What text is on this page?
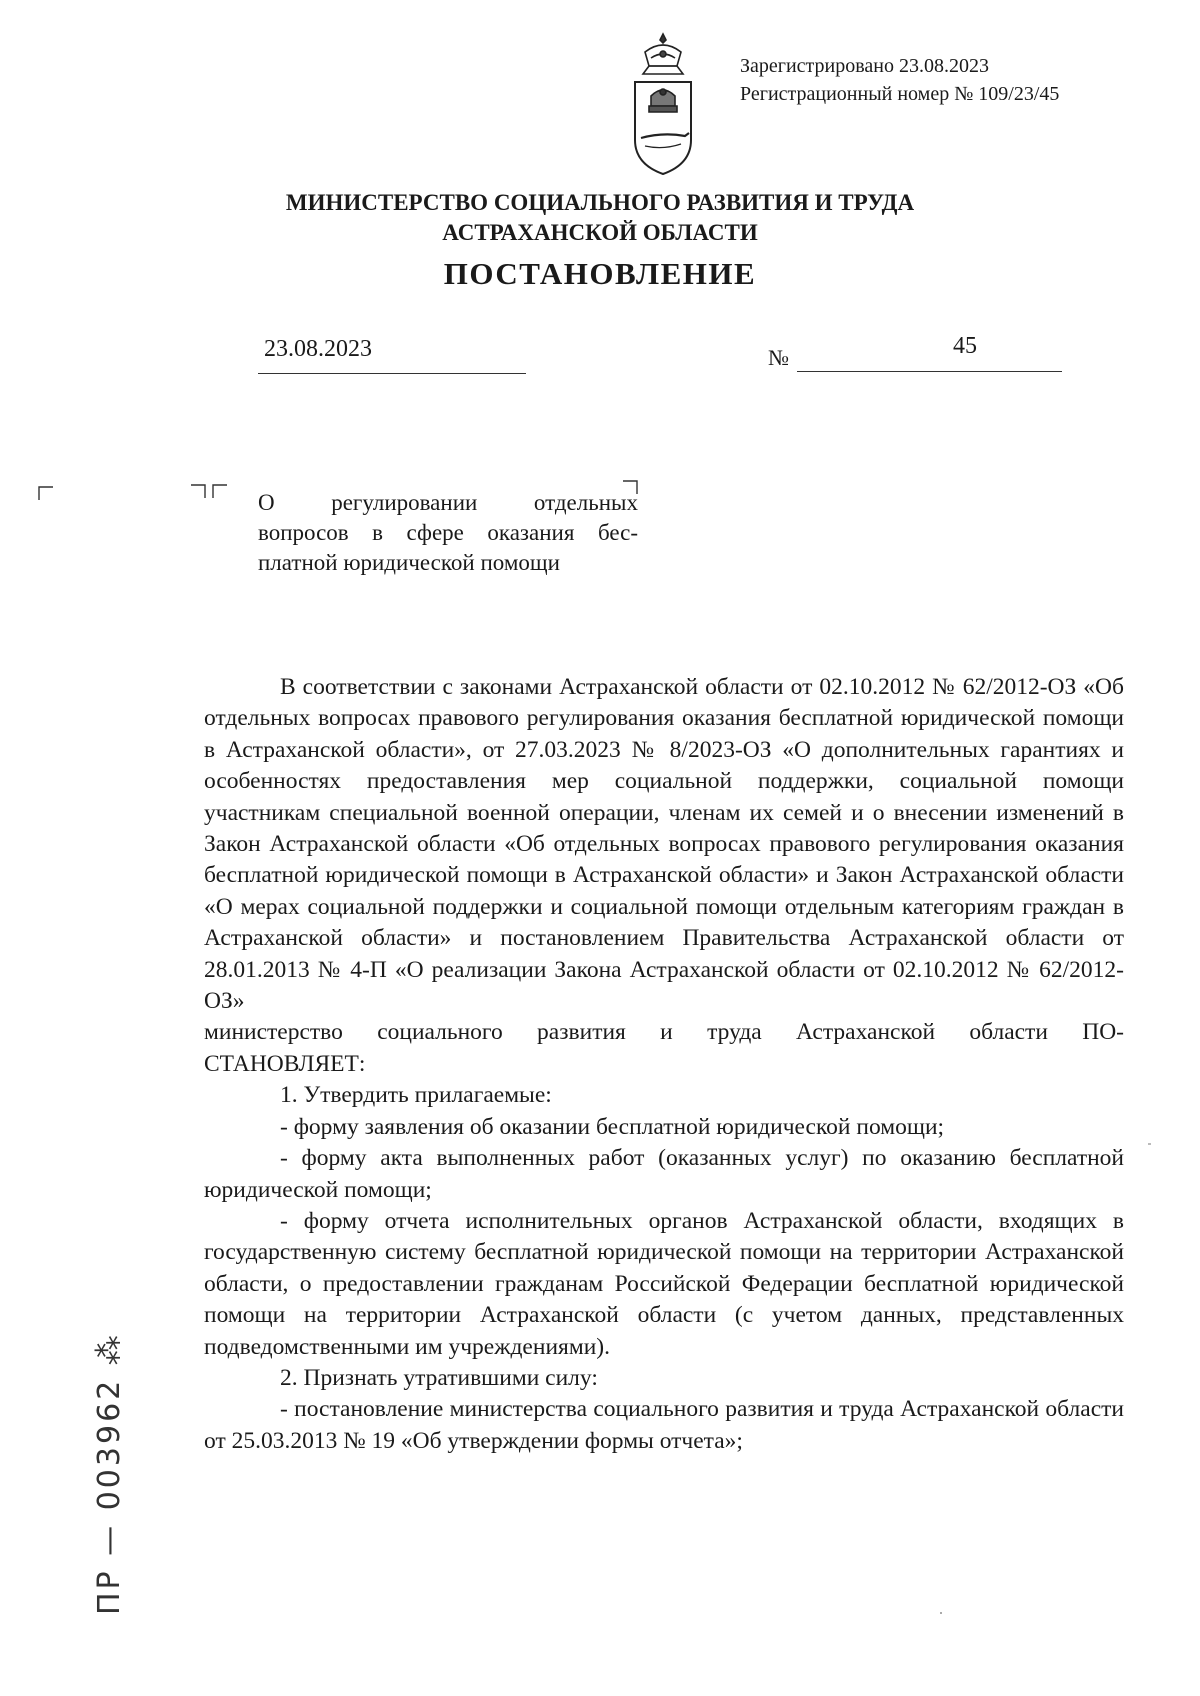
Зарегистрировано 23.08.2023
Регистрационный номер № 109/23/45
МИНИСТЕРСТВО СОЦИАЛЬНОГО РАЗВИТИЯ И ТРУДА
АСТРАХАНСКОЙ ОБЛАСТИ
ПОСТАНОВЛЕНИЕ
23.08.2023	№	45
О регулировании отдельных
вопросов в сфере оказания бес-
платной юридической помощи

В соответствии с законами Астраханской области от 02.10.2012 № 62/2012-ОЗ «Об отдельных вопросах правового регулирования оказания бесплатной юридической помощи в Астраханской области», от 27.03.2023 № 8/2023-ОЗ «О дополнительных гарантиях и особенностях предоставления мер социальной поддержки, социальной помощи участникам специальной военной операции, членам их семей и о внесении изменений в Закон Астраханской области «Об отдельных вопросах правового регулирования оказания бесплатной юридической помощи в Астраханской области» и Закон Астраханской области «О мерах социальной поддержки и социальной помощи отдельным категориям граждан в Астраханской области» и постановлением Правительства Астраханской области от 28.01.2013 № 4-П «О реализации Закона Астраханской области от 02.10.2012 № 62/2012-ОЗ»

министерство социального развития и труда Астраханской области ПО-
СТАНОВЛЯЕТ:

1. Утвердить прилагаемые:

- форму заявления об оказании бесплатной юридической помощи;

- форму акта выполненных работ (оказанных услуг) по оказанию бесплатной юридической помощи;

- форму отчета исполнительных органов Астраханской области, входящих в государственную систему бесплатной юридической помощи на территории Астраханской области, о предоставлении гражданам Российской Федерации бесплатной юридической помощи на территории Астраханской области (с учетом данных, представленных подведомственными им учреждениями).

2. Признать утратившими силу:

- постановление министерства социального развития и труда Астраханской области от 25.03.2013 № 19 «Об утверждении формы отчета»;

ПР — 003962 ⁂
